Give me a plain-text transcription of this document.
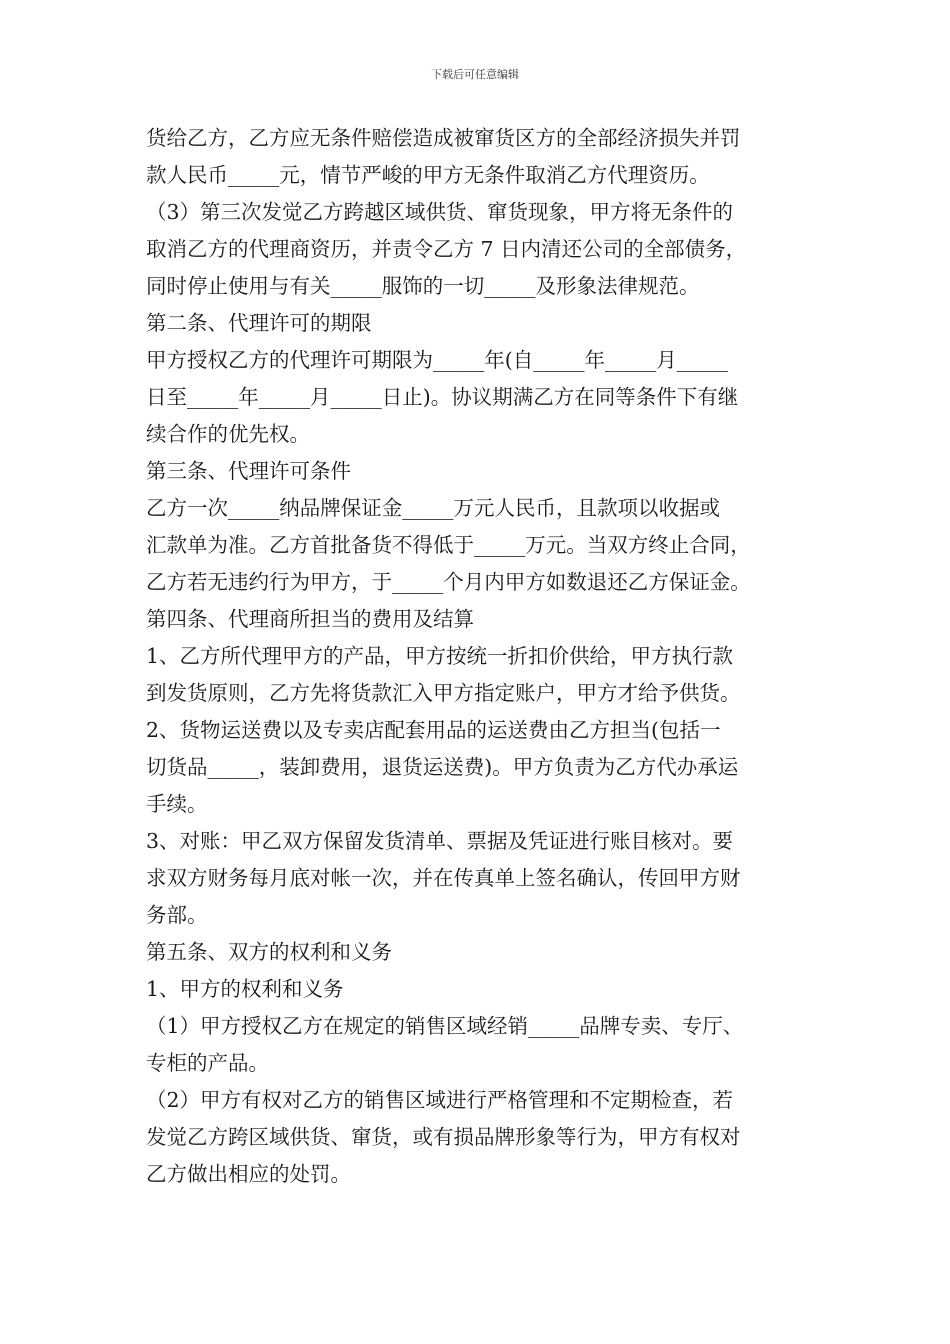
下载后可任意编辑
货给乙方，乙方应无条件赔偿造成被窜货区方的全部经济损失并罚
款人民币_____元，情节严峻的甲方无条件取消乙方代理资历。
（3）第三次发觉乙方跨越区域供货、窜货现象，甲方将无条件的
取消乙方的代理商资历，并责令乙方 7 日内清还公司的全部债务，
同时停止使用与有关_____服饰的一切_____及形象法律规范。
第二条、代理许可的期限
甲方授权乙方的代理许可期限为_____年(自_____年_____月_____
日至_____年_____月_____日止)。协议期满乙方在同等条件下有继
续合作的优先权。
第三条、代理许可条件
乙方一次_____纳品牌保证金_____万元人民币，且款项以收据或
汇款单为准。乙方首批备货不得低于_____万元。当双方终止合同，
乙方若无违约行为甲方，于_____个月内甲方如数退还乙方保证金。
第四条、代理商所担当的费用及结算
1、乙方所代理甲方的产品，甲方按统一折扣价供给，甲方执行款
到发货原则，乙方先将货款汇入甲方指定账户，甲方才给予供货。
2、货物运送费以及专卖店配套用品的运送费由乙方担当(包括一
切货品_____，装卸费用，退货运送费)。甲方负责为乙方代办承运
手续。
3、对账：甲乙双方保留发货清单、票据及凭证进行账目核对。要
求双方财务每月底对帐一次，并在传真单上签名确认，传回甲方财
务部。
第五条、双方的权利和义务
1、甲方的权利和义务
（1）甲方授权乙方在规定的销售区域经销_____品牌专卖、专厅、
专柜的产品。
（2）甲方有权对乙方的销售区域进行严格管理和不定期检查，若
发觉乙方跨区域供货、窜货，或有损品牌形象等行为，甲方有权对
乙方做出相应的处罚。
